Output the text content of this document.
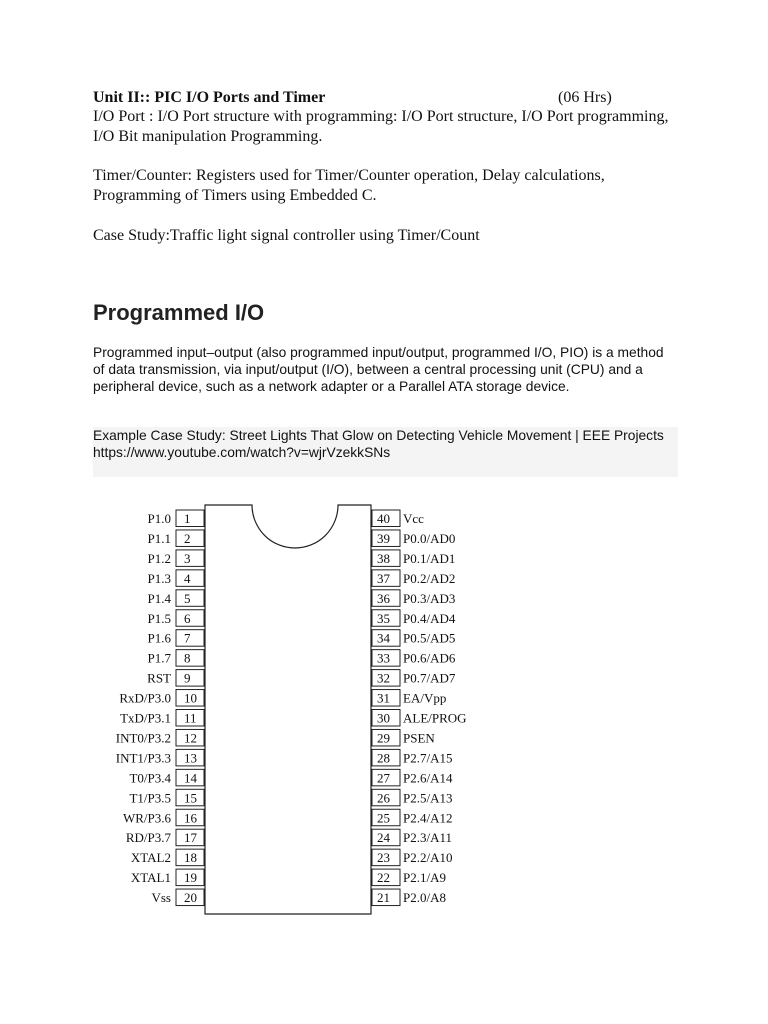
Unit II:: PIC I/O Ports and Timer	(06 Hrs)
I/O Port : I/O Port structure with programming: I/O Port structure, I/O Port programming, I/O Bit manipulation Programming.
Timer/Counter: Registers used for Timer/Counter operation, Delay calculations, Programming of Timers using Embedded C.
Case Study:Traffic light signal controller using Timer/Count
Programmed I/O
Programmed input–output (also programmed input/output, programmed I/O, PIO) is a method of data transmission, via input/output (I/O), between a central processing unit (CPU) and a peripheral device, such as a network adapter or a Parallel ATA storage device.
Example Case Study: Street Lights That Glow on Detecting Vehicle Movement | EEE Projects
https://www.youtube.com/watch?v=wjrVzekkSNs
1
P1.0
2
P1.1
3
P1.2
4
P1.3
5
P1.4
6
P1.5
7
P1.6
8
P1.7
9
RST
10
RxD/P3.0
11
TxD/P3.1
12
INT0/P3.2
13
INT1/P3.3
14
T0/P3.4
15
T1/P3.5
16
WR/P3.6
17
RD/P3.7
18
XTAL2
19
XTAL1
20
Vss
40 Vcc
39 P0.0/AD0
38 P0.1/AD1
37 P0.2/AD2
36 P0.3/AD3
35 P0.4/AD4
34 P0.5/AD5
33 P0.6/AD6
32 P0.7/AD7
31 EA/Vpp
30 ALE/PROG
29 PSEN
28 P2.7/A15
27 P2.6/A14
26 P2.5/A13
25 P2.4/A12
24 P2.3/A11
23 P2.2/A10
22 P2.1/A9
21 P2.0/A8
